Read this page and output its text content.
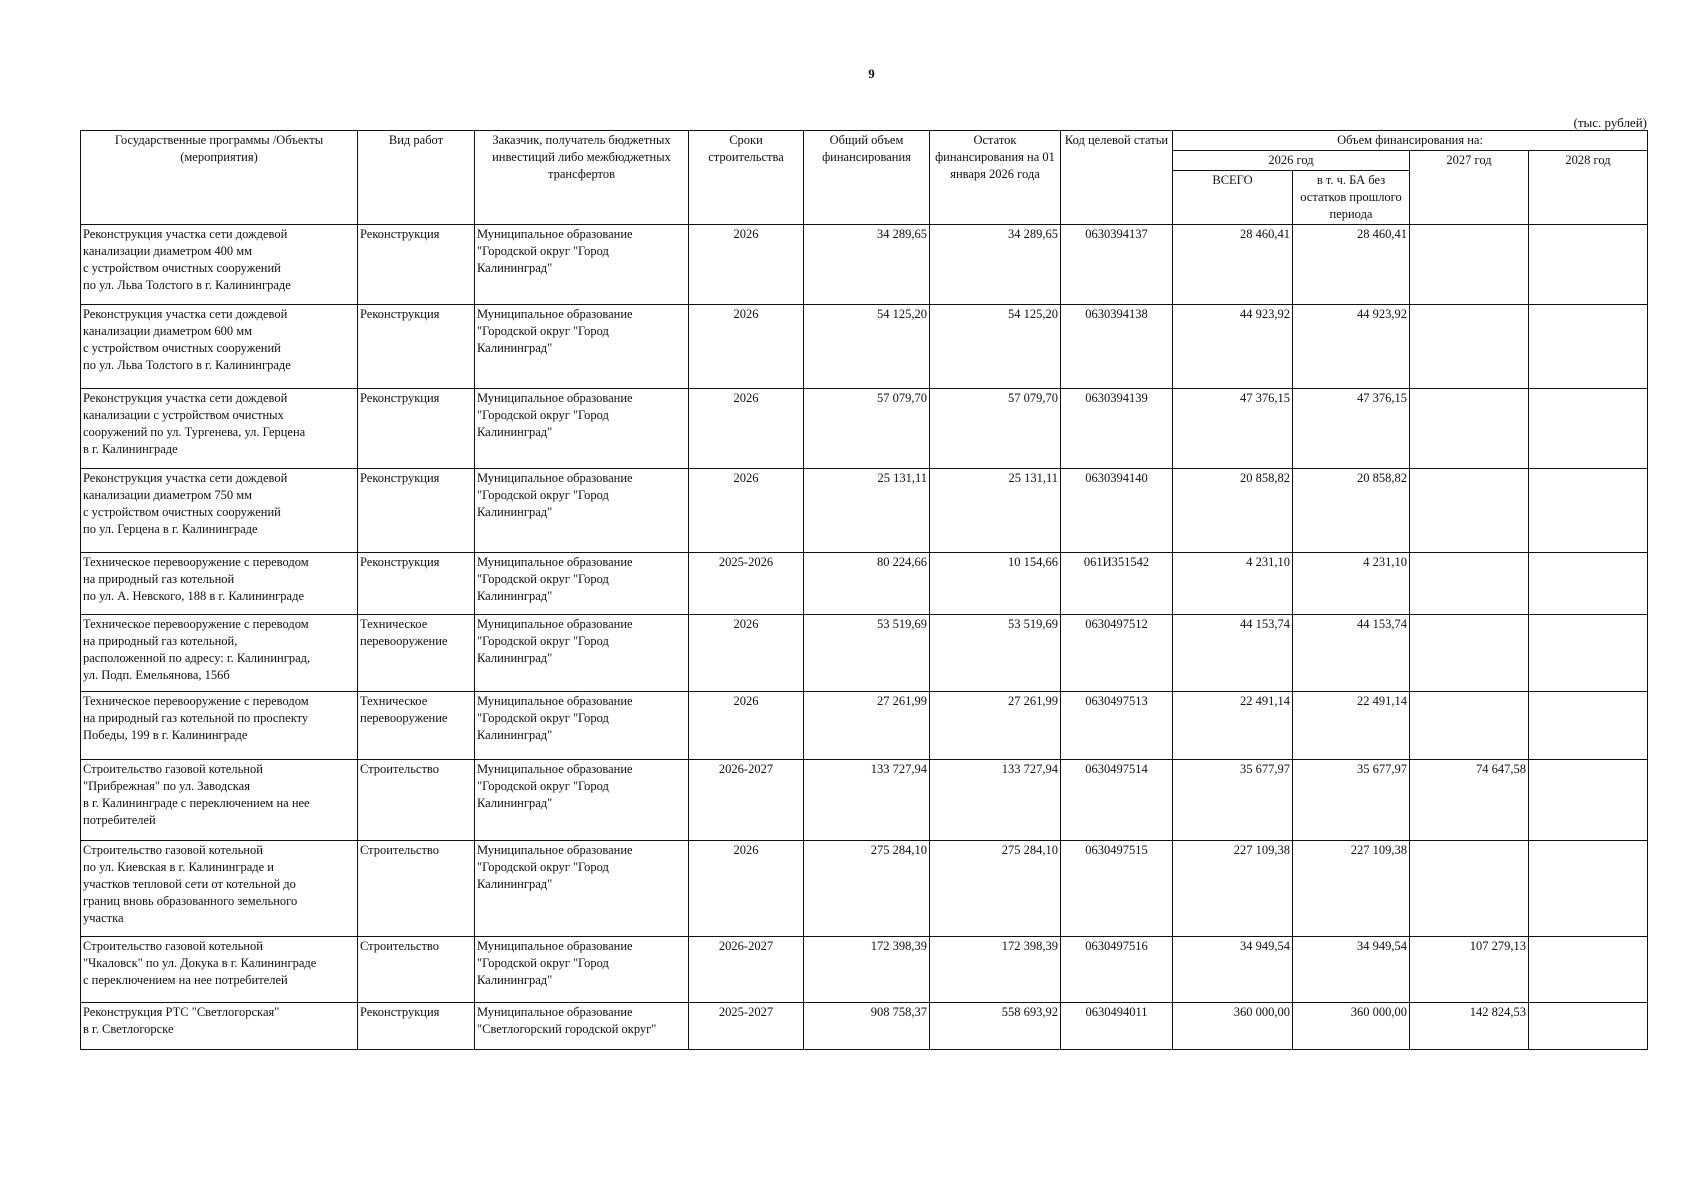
9
(тыс. рублей)
Государственные программы /Объекты (мероприятия)	Вид работ	Заказчик, получатель бюджетных инвестиций либо межбюджетных трансфертов	Сроки строительства	Общий объем финансирования	Остаток финансирования на 01 января 2026 года	Код целевой статьи	Объем финансирования на:			
							2026 год		2027 год	2028 год
							ВСЕГО	в т. ч. БА без остатков прошлого периода		

Реконструкция участка сети дождевой
канализации диаметром 400 мм
с устройством очистных сооружений
по ул. Льва Толстого в г. Калининграде	Реконструкция	Муниципальное образование "Городской округ "Город Калининград"	2026	34 289,65	34 289,65	0630394137	28 460,41	28 460,41		

Реконструкция участка сети дождевой
канализации диаметром 600 мм
с устройством очистных сооружений
по ул. Льва Толстого в г. Калининграде	Реконструкция	Муниципальное образование "Городской округ "Город Калининград"	2026	54 125,20	54 125,20	0630394138	44 923,92	44 923,92		

Реконструкция участка сети дождевой
канализации с устройством очистных
сооружений по ул. Тургенева, ул. Герцена
в г. Калининграде	Реконструкция	Муниципальное образование "Городской округ "Город Калининград"	2026	57 079,70	57 079,70	0630394139	47 376,15	47 376,15		

Реконструкция участка сети дождевой
канализации диаметром 750 мм
с устройством очистных сооружений
по ул. Герцена в г. Калининграде	Реконструкция	Муниципальное образование "Городской округ "Город Калининград"	2026	25 131,11	25 131,11	0630394140	20 858,82	20 858,82		

Техническое перевооружение с переводом
на природный газ котельной
по ул. А. Невского, 188 в г. Калининграде	Реконструкция	Муниципальное образование "Городской округ "Город Калининград"	2025-2026	80 224,66	10 154,66	061И351542	4 231,10	4 231,10		

Техническое перевооружение с переводом
на природный газ котельной,
расположенной по адресу: г. Калининград,
ул. Подп. Емельянова, 156б	Техническое перевооружение	Муниципальное образование "Городской округ "Город Калининград"	2026	53 519,69	53 519,69	0630497512	44 153,74	44 153,74		

Техническое перевооружение с переводом
на природный газ котельной по проспекту
Победы, 199 в г. Калининграде	Техническое перевооружение	Муниципальное образование "Городской округ "Город Калининград"	2026	27 261,99	27 261,99	0630497513	22 491,14	22 491,14		

Строительство газовой котельной
"Прибрежная" по ул. Заводская
в г. Калининграде с переключением на нее
потребителей	Строительство	Муниципальное образование "Городской округ "Город Калининград"	2026-2027	133 727,94	133 727,94	0630497514	35 677,97	35 677,97	74 647,58	

Строительство газовой котельной
по ул. Киевская в г. Калининграде и
участков тепловой сети от котельной до
границ вновь образованного земельного
участка	Строительство	Муниципальное образование "Городской округ "Город Калининград"	2026	275 284,10	275 284,10	0630497515	227 109,38	227 109,38		

Строительство газовой котельной
"Чкаловск" по ул. Докука в г. Калининграде
с переключением на нее потребителей	Строительство	Муниципальное образование "Городской округ "Город Калининград"	2026-2027	172 398,39	172 398,39	0630497516	34 949,54	34 949,54	107 279,13	

Реконструкция РТС "Светлогорская"
в г. Светлогорске	Реконструкция	Муниципальное образование "Светлогорский городской округ"	2025-2027	908 758,37	558 693,92	0630494011	360 000,00	360 000,00	142 824,53	
